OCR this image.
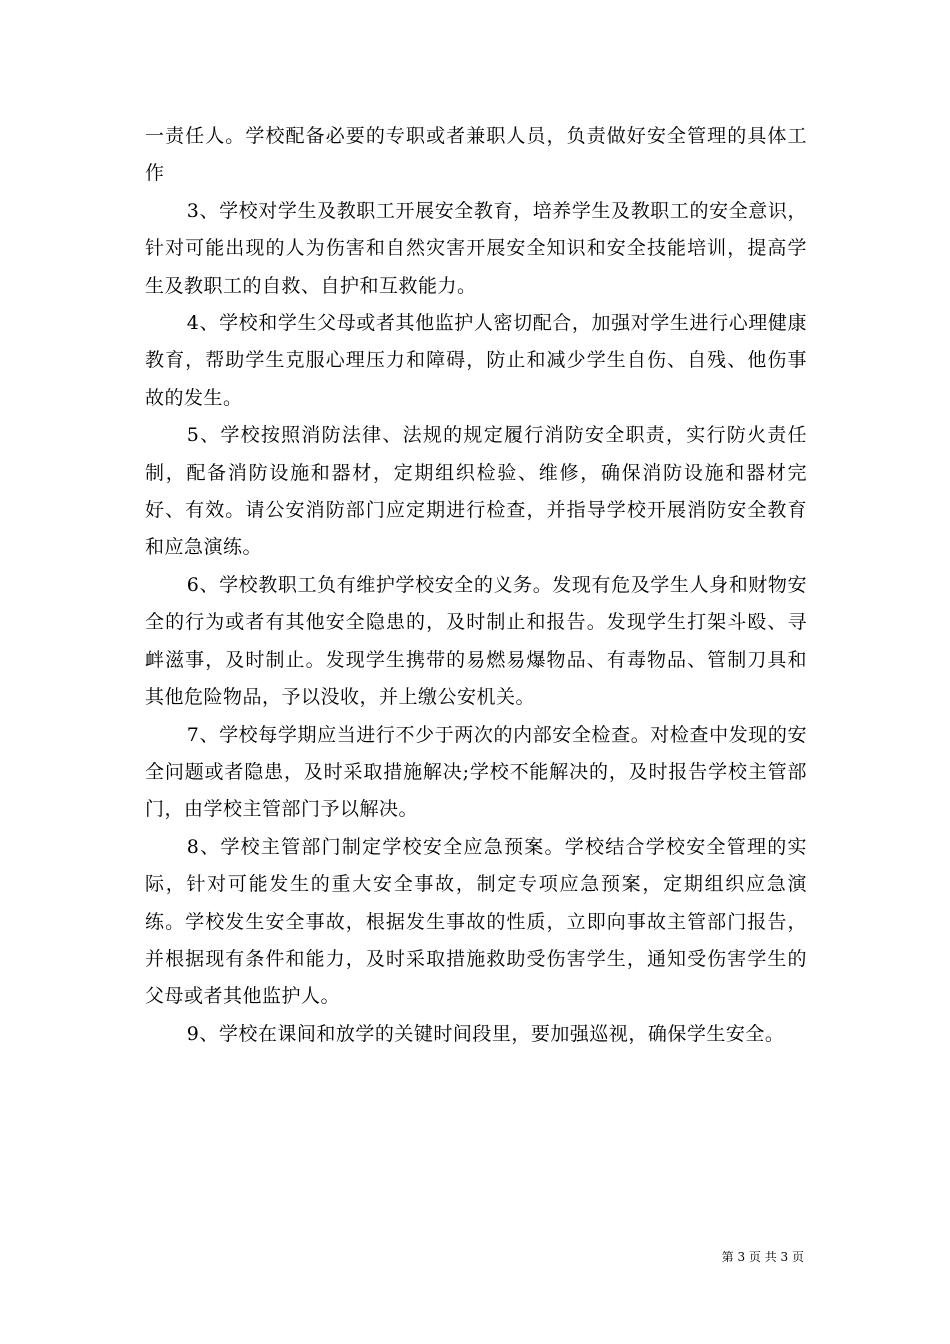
一责任人。学校配备必要的专职或者兼职人员，负责做好安全管理的具体工作

3、学校对学生及教职工开展安全教育，培养学生及教职工的安全意识，针对可能出现的人为伤害和自然灾害开展安全知识和安全技能培训，提高学生及教职工的自救、自护和互救能力。

4、学校和学生父母或者其他监护人密切配合，加强对学生进行心理健康教育，帮助学生克服心理压力和障碍，防止和减少学生自伤、自残、他伤事故的发生。

5、学校按照消防法律、法规的规定履行消防安全职责，实行防火责任制，配备消防设施和器材，定期组织检验、维修，确保消防设施和器材完好、有效。请公安消防部门应定期进行检查，并指导学校开展消防安全教育和应急演练。

6、学校教职工负有维护学校安全的义务。发现有危及学生人身和财物安全的行为或者有其他安全隐患的，及时制止和报告。发现学生打架斗殴、寻衅滋事，及时制止。发现学生携带的易燃易爆物品、有毒物品、管制刀具和其他危险物品，予以没收，并上缴公安机关。

7、学校每学期应当进行不少于两次的内部安全检查。对检查中发现的安全问题或者隐患，及时采取措施解决;学校不能解决的，及时报告学校主管部门，由学校主管部门予以解决。

8、学校主管部门制定学校安全应急预案。学校结合学校安全管理的实际，针对可能发生的重大安全事故，制定专项应急预案，定期组织应急演练。学校发生安全事故，根据发生事故的性质，立即向事故主管部门报告，并根据现有条件和能力，及时采取措施救助受伤害学生，通知受伤害学生的父母或者其他监护人。

9、学校在课间和放学的关键时间段里，要加强巡视，确保学生安全。

第 3 页 共 3 页
